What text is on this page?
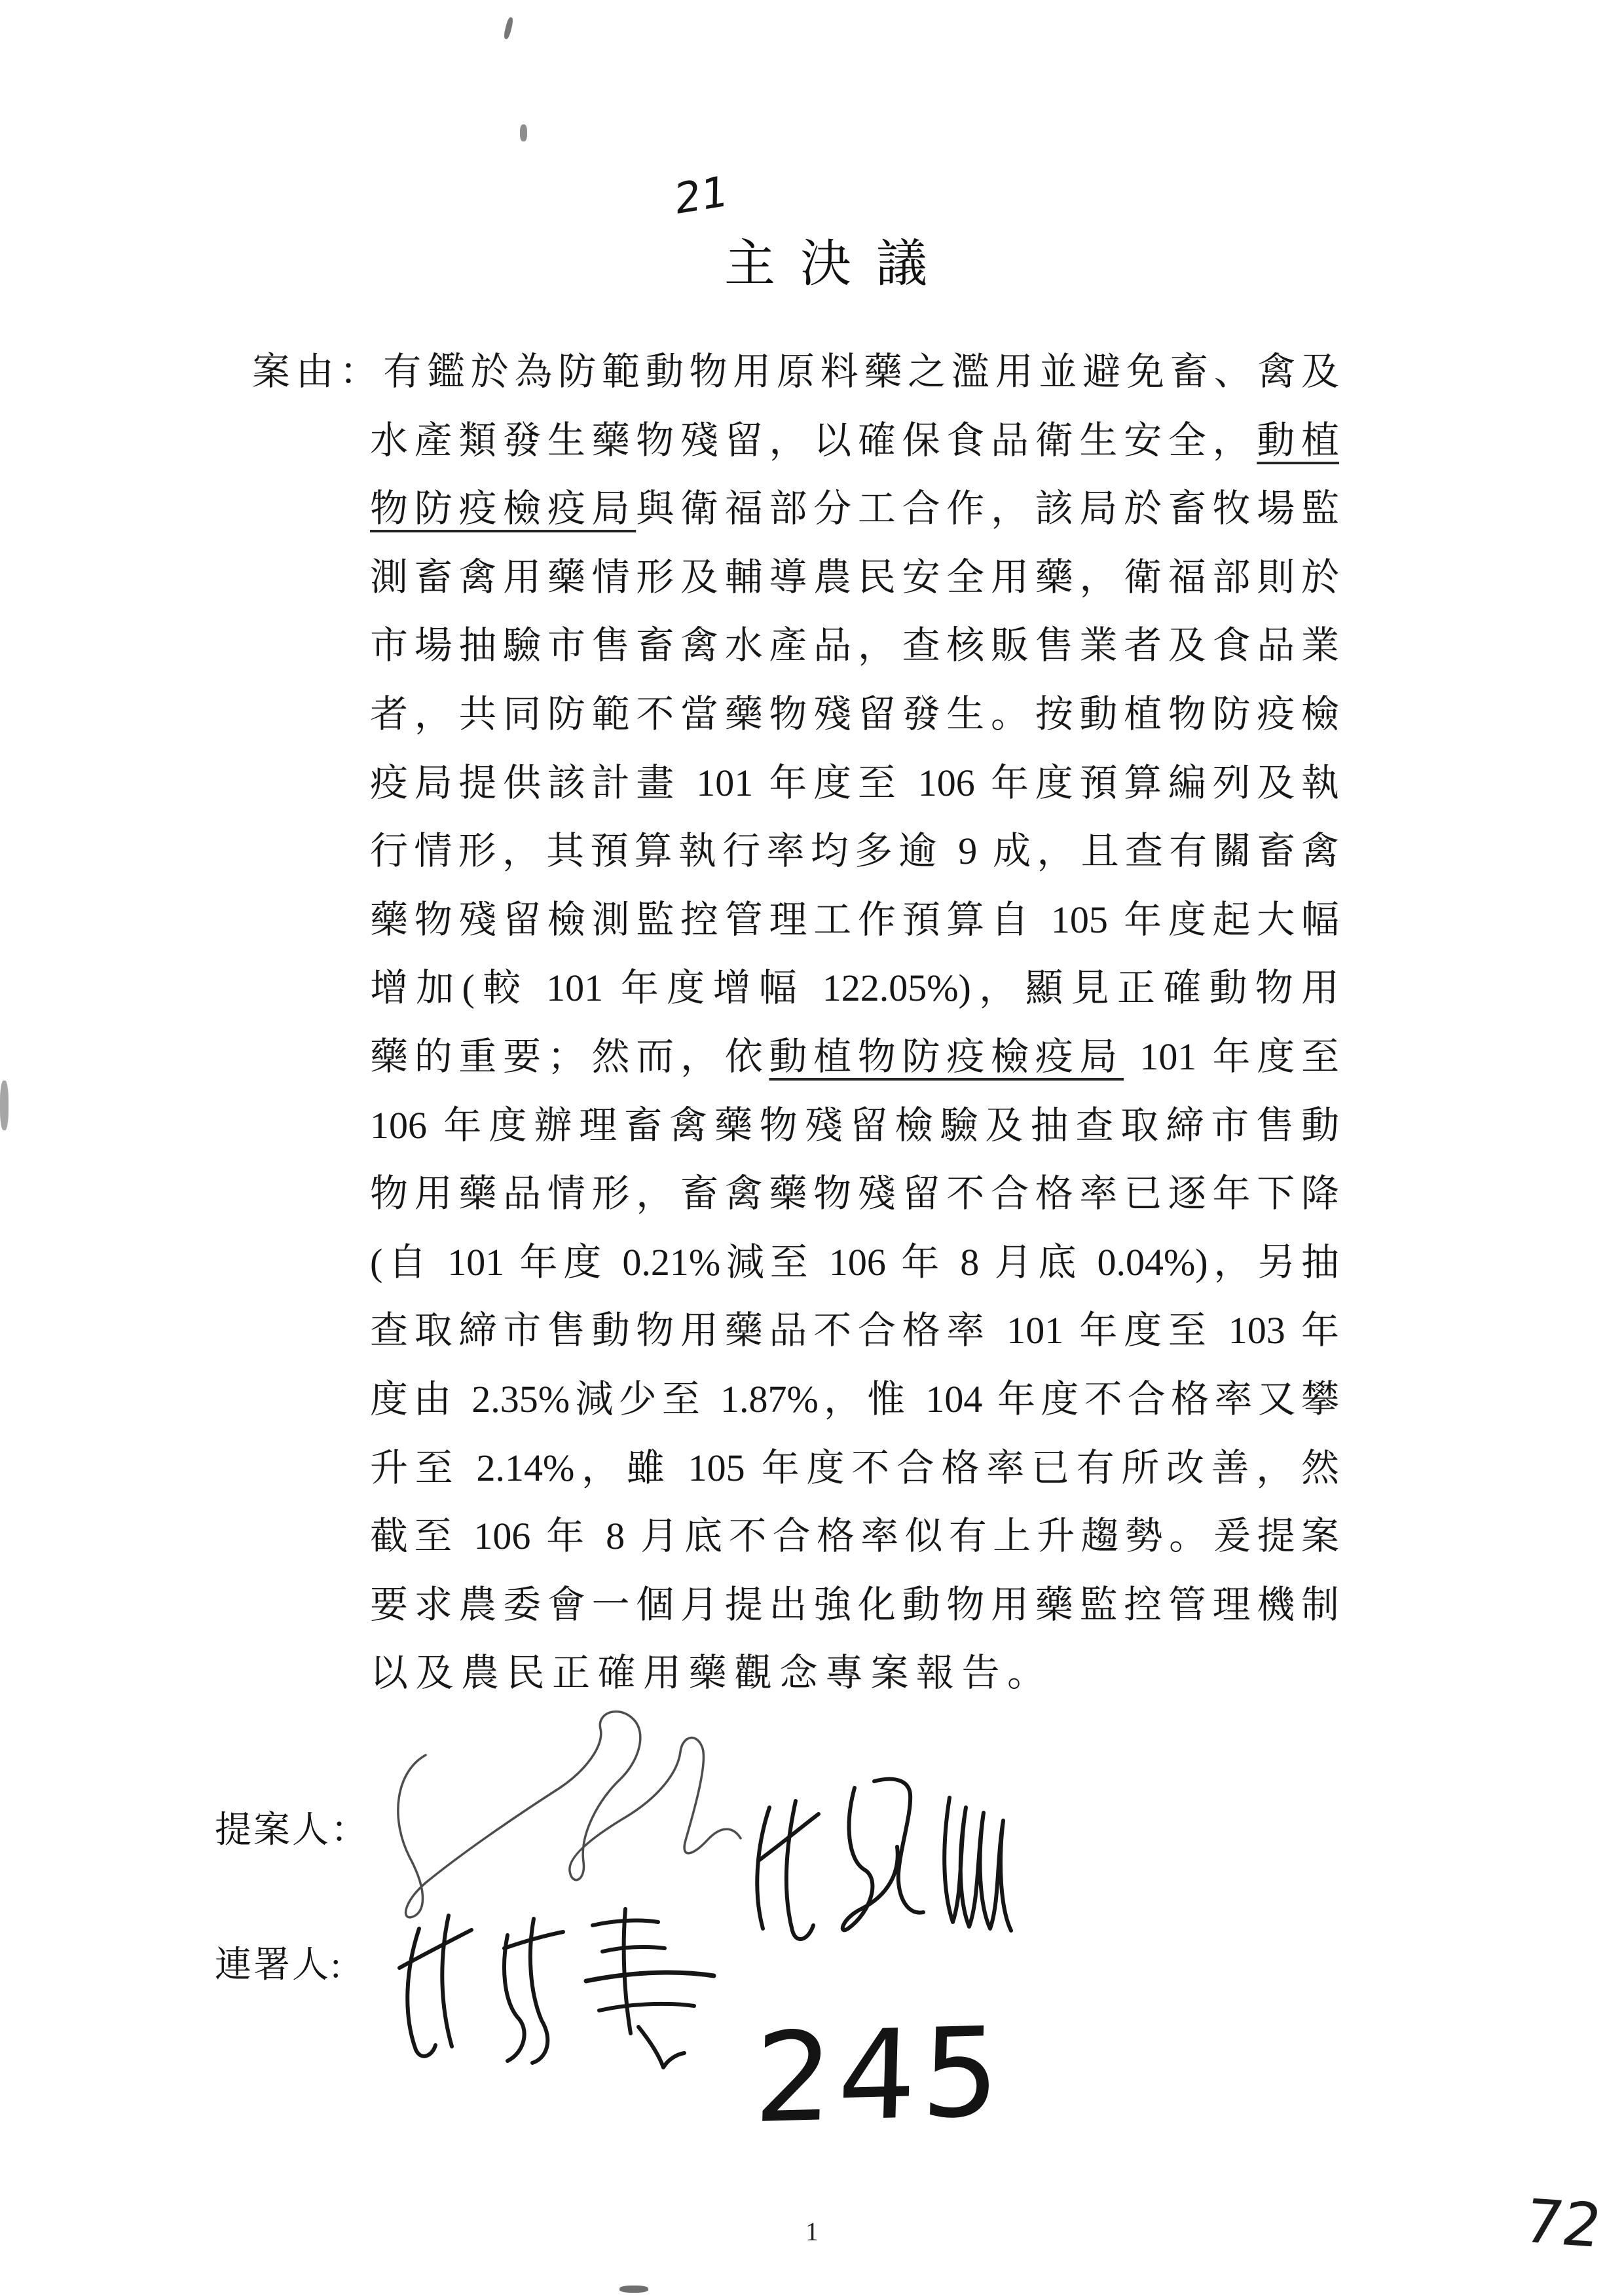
21
主決議
案由：有鑑於為防範動物用原料藥之濫用並避免畜、禽及
水產類發生藥物殘留，以確保食品衛生安全，動植
物防疫檢疫局與衛福部分工合作，該局於畜牧場監
測畜禽用藥情形及輔導農民安全用藥，衛福部則於
市場抽驗市售畜禽水產品，查核販售業者及食品業
者，共同防範不當藥物殘留發生。按動植物防疫檢
疫局提供該計畫 101 年度至 106 年度預算編列及執
行情形，其預算執行率均多逾 9 成，且查有關畜禽
藥物殘留檢測監控管理工作預算自 105 年度起大幅
增加(較 101 年度增幅 122.05%)，顯見正確動物用
藥的重要；然而，依動植物防疫檢疫局 101 年度至
106 年度辦理畜禽藥物殘留檢驗及抽查取締市售動
物用藥品情形，畜禽藥物殘留不合格率已逐年下降
(自 101 年度 0.21%減至 106 年 8 月底 0.04%)，另抽
查取締市售動物用藥品不合格率 101 年度至 103 年
度由 2.35%減少至 1.87%，惟 104 年度不合格率又攀
升至 2.14%，雖 105 年度不合格率已有所改善，然
截至 106 年 8 月底不合格率似有上升趨勢。爰提案
要求農委會一個月提出強化動物用藥監控管理機制
以及農民正確用藥觀念專案報告。
提案人：
連署人:
245
1	72
